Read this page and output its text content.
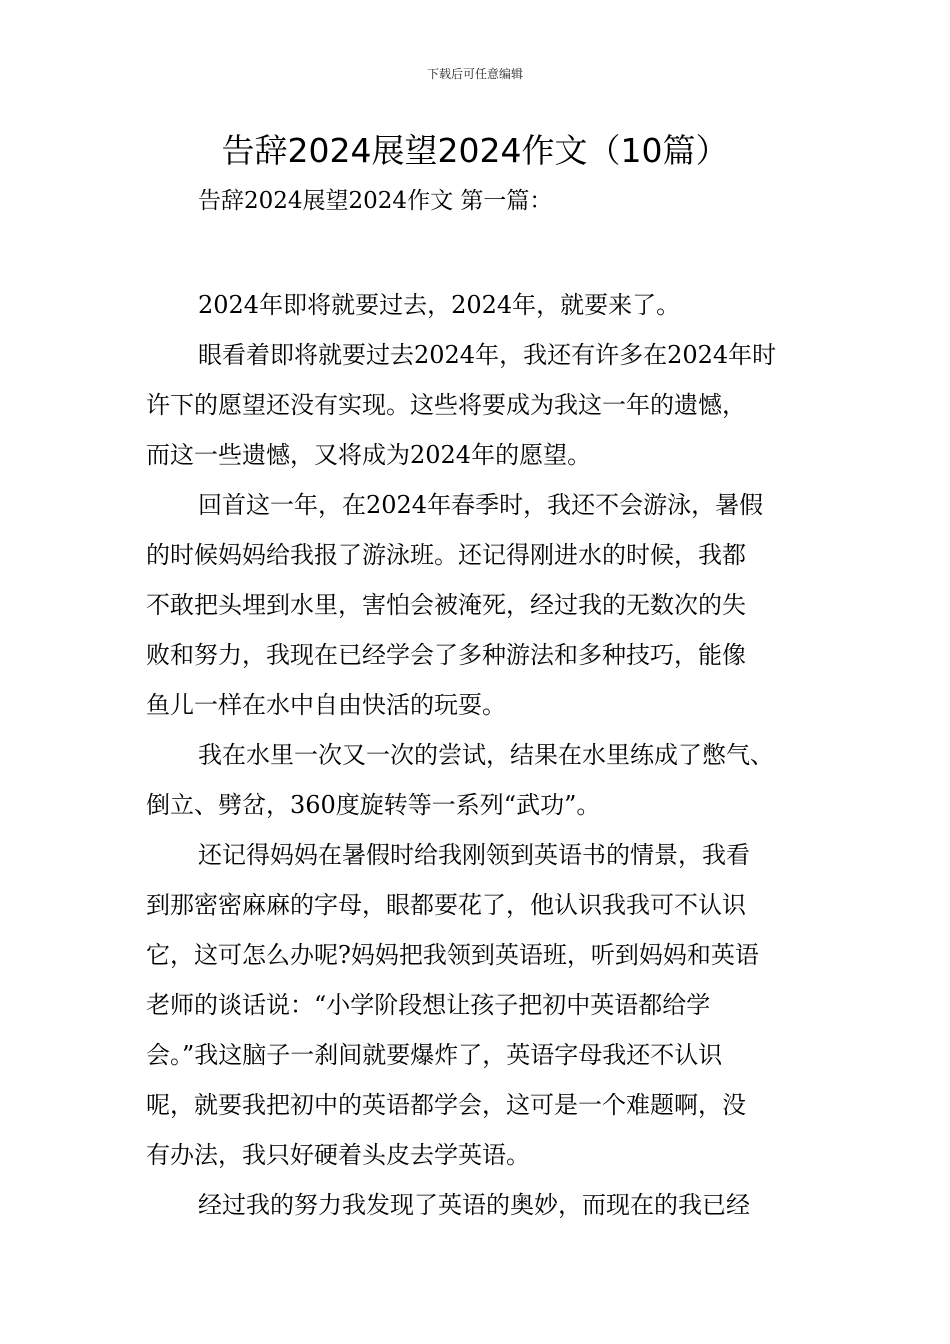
下载后可任意编辑
告辞2024展望2024作文（10篇）
告辞2024展望2024作文 第一篇：

2024年即将就要过去，2024年，就要来了。

眼看着即将就要过去2024年，我还有许多在2024年时
许下的愿望还没有实现。这些将要成为我这一年的遗憾，
而这一些遗憾，又将成为2024年的愿望。

回首这一年，在2024年春季时，我还不会游泳，暑假
的时候妈妈给我报了游泳班。还记得刚进水的时候，我都
不敢把头埋到水里，害怕会被淹死，经过我的无数次的失
败和努力，我现在已经学会了多种游法和多种技巧，能像
鱼儿一样在水中自由快活的玩耍。

我在水里一次又一次的尝试，结果在水里练成了憋气、
倒立、劈岔，360度旋转等一系列“武功”。

还记得妈妈在暑假时给我刚领到英语书的情景，我看
到那密密麻麻的字母，眼都要花了，他认识我我可不认识
它，这可怎么办呢?妈妈把我领到英语班，听到妈妈和英语
老师的谈话说：“小学阶段想让孩子把初中英语都给学
会。”我这脑子一刹间就要爆炸了，英语字母我还不认识
呢，就要我把初中的英语都学会，这可是一个难题啊，没
有办法，我只好硬着头皮去学英语。

经过我的努力我发现了英语的奥妙，而现在的我已经
